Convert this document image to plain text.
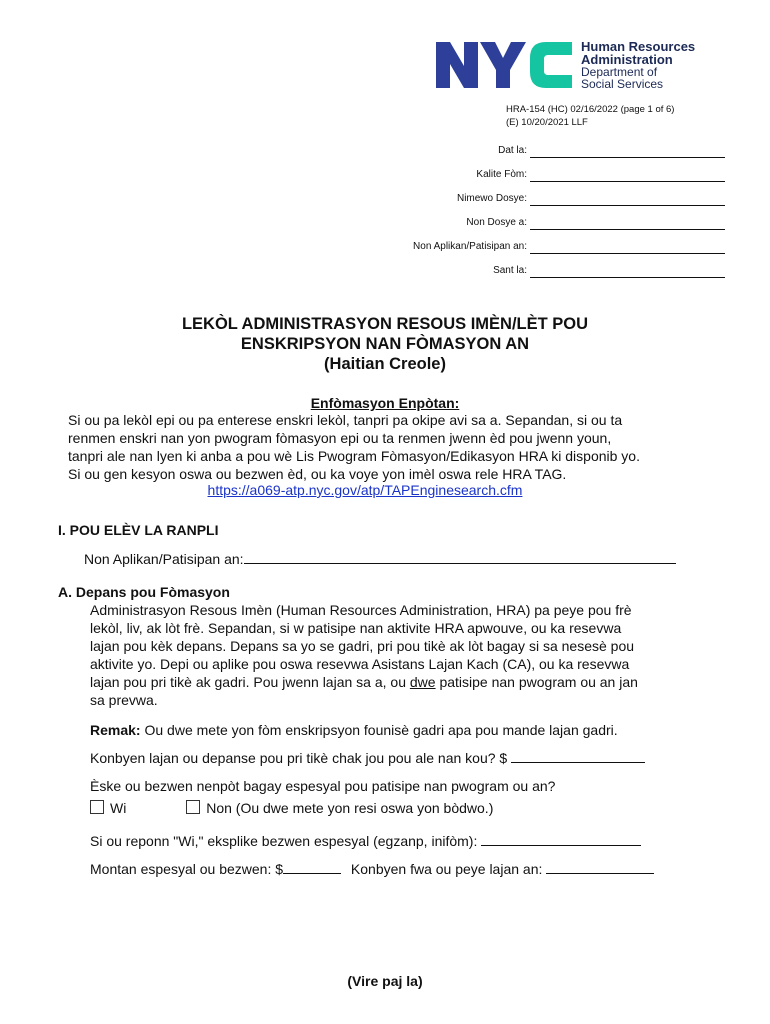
Human Resources
Administration
Department of
Social Services
HRA-154 (HC) 02/16/2022 (page 1 of 6)
(E) 10/20/2021 LLF
Dat la:
Kalite Fòm:
Nimewo Dosye:
Non Dosye a:
Non Aplikan/Patisipan an:
Sant la:
LEKÒL ADMINISTRASYON RESOUS IMÈN/LÈT POU
ENSKRIPSYON NAN FÒMASYON AN
(Haitian Creole)
Enfòmasyon Enpòtan:
Si ou pa lekòl epi ou pa enterese enskri lekòl, tanpri pa okipe avi sa a. Sepandan, si ou ta
renmen enskri nan yon pwogram fòmasyon epi ou ta renmen jwenn èd pou jwenn youn,
tanpri ale nan lyen ki anba a pou wè Lis Pwogram Fòmasyon/Edikasyon HRA ki disponib yo.
Si ou gen kesyon oswa ou bezwen èd, ou ka voye yon imèl oswa rele HRA TAG.
https://a069-atp.nyc.gov/atp/TAPEnginesearch.cfm
I. POU ELÈV LA RANPLI
Non Aplikan/Patisipan an:
A. Depans pou Fòmasyon
Administrasyon Resous Imèn (Human Resources Administration, HRA) pa peye pou frè
lekòl, liv, ak lòt frè. Sepandan, si w patisipe nan aktivite HRA apwouve, ou ka resevwa
lajan pou kèk depans. Depans sa yo se gadri, pri pou tikè ak lòt bagay si sa nesesè pou
aktivite yo. Depi ou aplike pou oswa resevwa Asistans Lajan Kach (CA), ou ka resevwa
lajan pou pri tikè ak gadri. Pou jwenn lajan sa a, ou dwe patisipe nan pwogram ou an jan
sa prevwa.
Remak: Ou dwe mete yon fòm enskripsyon founisè gadri apa pou mande lajan gadri.
Konbyen lajan ou depanse pou pri tikè chak jou pou ale nan kou? $
Èske ou bezwen nenpòt bagay espesyal pou patisipe nan pwogram ou an?
Wi	Non (Ou dwe mete yon resi oswa yon bòdwo.)
Si ou reponn "Wi," eksplike bezwen espesyal (egzanp, inifòm):
Montan espesyal ou bezwen: $	Konbyen fwa ou peye lajan an:
(Vire paj la)
